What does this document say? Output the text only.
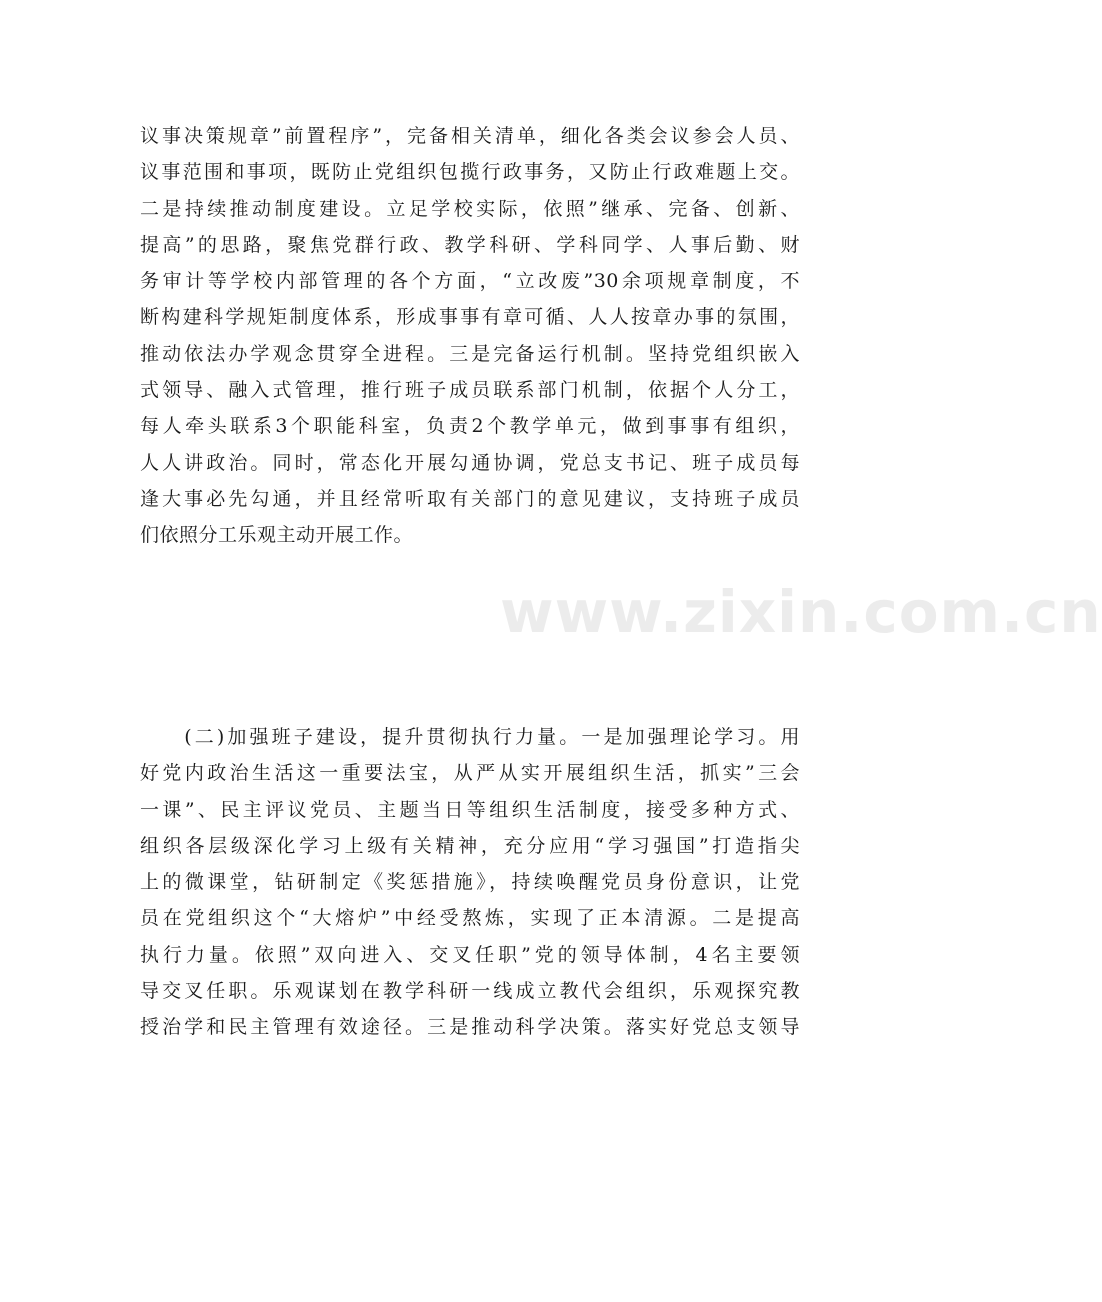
议事决策规章”前置程序”，完备相关清单，细化各类会议参会人员、
议事范围和事项，既防止党组织包揽行政事务，又防止行政难题上交。
二是持续推动制度建设。立足学校实际，依照”继承、完备、创新、
提高”的思路，聚焦党群行政、教学科研、学科同学、人事后勤、财
务审计等学校内部管理的各个方面，“立改废”30余项规章制度，不
断构建科学规矩制度体系，形成事事有章可循、人人按章办事的氛围，
推动依法办学观念贯穿全进程。三是完备运行机制。坚持党组织嵌入
式领导、融入式管理，推行班子成员联系部门机制，依据个人分工，
每人牵头联系3个职能科室，负责2个教学单元，做到事事有组织，
人人讲政治。同时，常态化开展勾通协调，党总支书记、班子成员每
逢大事必先勾通，并且经常听取有关部门的意见建议，支持班子成员
们依照分工乐观主动开展工作。
　　(二)加强班子建设，提升贯彻执行力量。一是加强理论学习。用
好党内政治生活这一重要法宝，从严从实开展组织生活，抓实”三会
一课”、民主评议党员、主题当日等组织生活制度，接受多种方式、
组织各层级深化学习上级有关精神，充分应用“学习强国”打造指尖
上的微课堂，钻研制定《奖惩措施》，持续唤醒党员身份意识，让党
员在党组织这个“大熔炉”中经受熬炼，实现了正本清源。二是提高
执行力量。依照”双向进入、交叉任职”党的领导体制，4名主要领
导交叉任职。乐观谋划在教学科研一线成立教代会组织，乐观探究教
授治学和民主管理有效途径。三是推动科学决策。落实好党总支领导
www.zixin.com.cn
